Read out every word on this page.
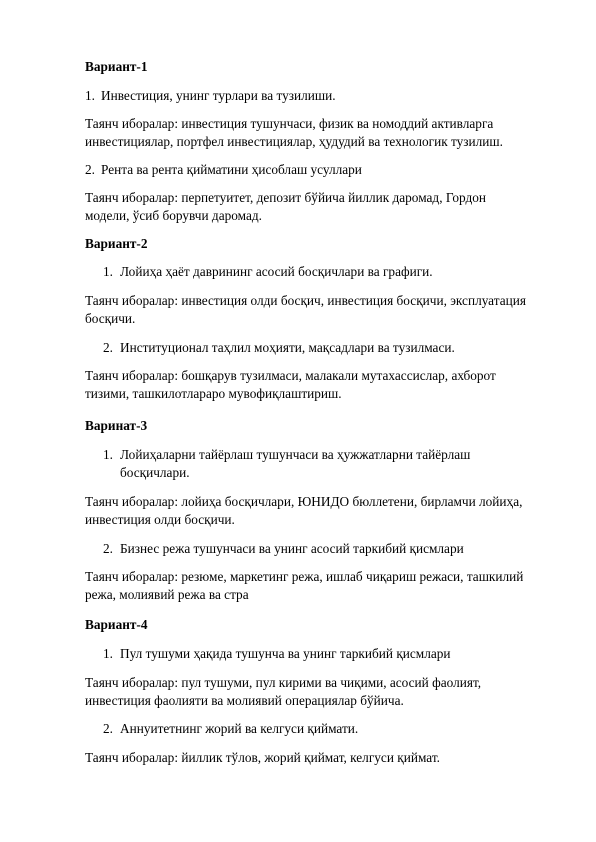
Вариант-1
1. Инвестиция, унинг турлари ва тузилиши.
Таянч иборалар: инвестиция тушунчаси, физик ва номоддий активларга
инвестициялар, портфел инвестициялар, ҳудудий ва технологик тузилиш.
2. Рента ва рента қийматини ҳисоблаш усуллари
Таянч иборалар: перпетуитет, депозит бўйича йиллик даромад, Гордон
модели, ўсиб борувчи даромад.
Вариант-2
1. Лойиҳа ҳаёт даврининг асосий босқичлари ва графиги.
Таянч иборалар: инвестиция олди босқич, инвестиция босқичи, эксплуатация
босқичи.
2. Институционал таҳлил моҳияти, мақсадлари ва тузилмаси.
Таянч иборалар: бошқарув тузилмаси, малакали мутахассислар, ахборот
тизими, ташкилотлараро мувофиқлаштириш.
Варинат-3
1. Лойиҳаларни тайёрлаш тушунчаси ва ҳужжатларни тайёрлаш
босқичлари.
Таянч иборалар: лойиҳа босқичлари, ЮНИДО бюллетени, бирламчи лойиҳа,
инвестиция олди босқичи.
2. Бизнес режа тушунчаси ва унинг асосий таркибий қисмлари
Таянч иборалар: резюме, маркетинг режа, ишлаб чиқариш режаси, ташкилий
режа, молиявий режа ва стра
Вариант-4
1. Пул тушуми ҳақида тушунча ва унинг таркибий қисмлари
Таянч иборалар: пул тушуми, пул кирими ва чиқими, асосий фаолият,
инвестиция фаолияти ва молиявий операциялар бўйича.
2. Аннуитетнинг жорий ва келгуси қиймати.
Таянч иборалар: йиллик тўлов, жорий қиймат, келгуси қиймат.
